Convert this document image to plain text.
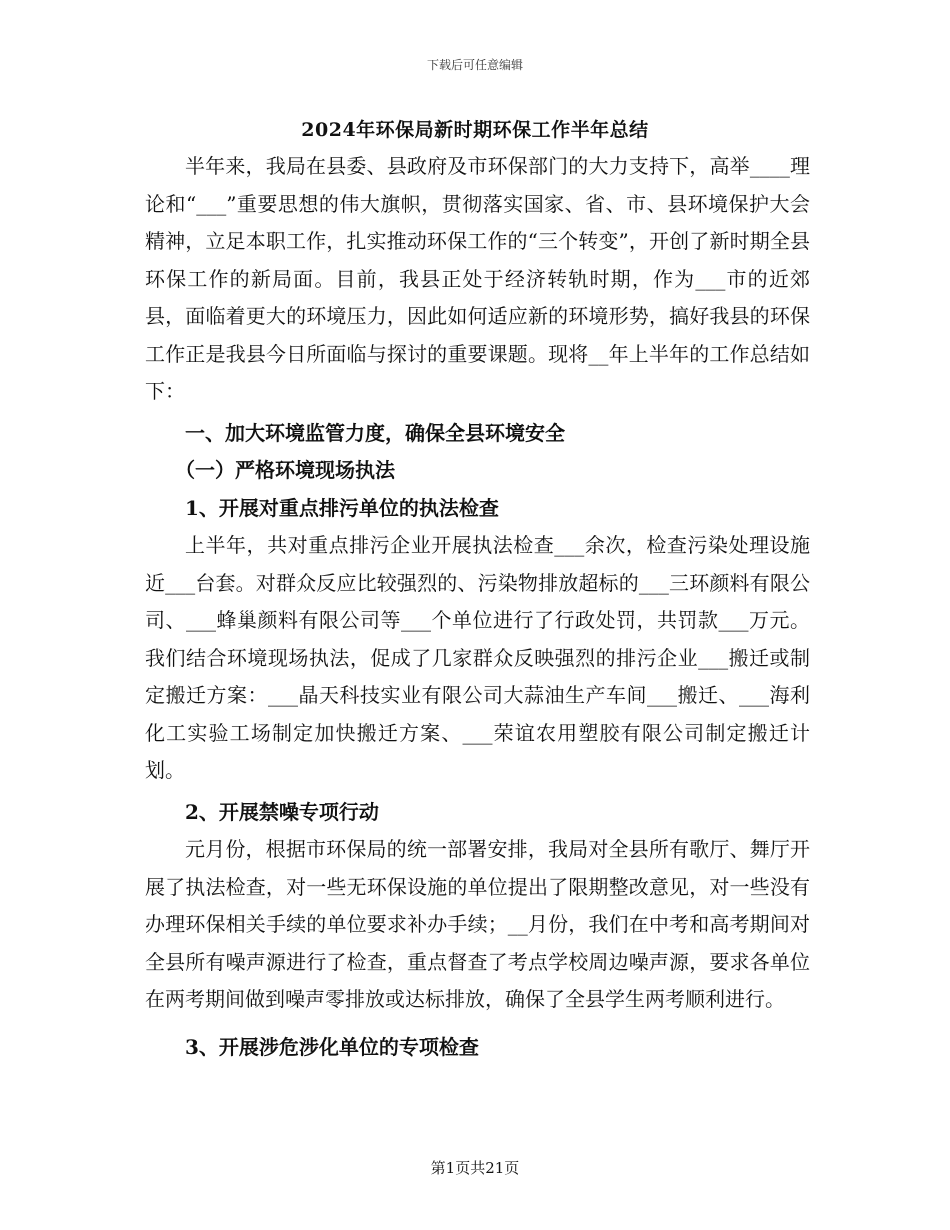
下载后可任意编辑
2024年环保局新时期环保工作半年总结

半年来，我局在县委、县政府及市环保部门的大力支持下，高举____理论和“___”重要思想的伟大旗帜，贯彻落实国家、省、市、县环境保护大会精神，立足本职工作，扎实推动环保工作的“三个转变”，开创了新时期全县环保工作的新局面。目前，我县正处于经济转轨时期，作为___市的近郊县，面临着更大的环境压力，因此如何适应新的环境形势，搞好我县的环保工作正是我县今日所面临与探讨的重要课题。现将__年上半年的工作总结如下：

一、加大环境监管力度，确保全县环境安全

（一）严格环境现场执法

1、开展对重点排污单位的执法检查

上半年，共对重点排污企业开展执法检查___余次，检查污染处理设施近___台套。对群众反应比较强烈的、污染物排放超标的___三环颜料有限公司、___蜂巢颜料有限公司等___个单位进行了行政处罚，共罚款___万元。我们结合环境现场执法，促成了几家群众反映强烈的排污企业___搬迁或制定搬迁方案：___晶天科技实业有限公司大蒜油生产车间___搬迁、___海利化工实验工场制定加快搬迁方案、___荣谊农用塑胶有限公司制定搬迁计划。

2、开展禁噪专项行动

元月份，根据市环保局的统一部署安排，我局对全县所有歌厅、舞厅开展了执法检查，对一些无环保设施的单位提出了限期整改意见，对一些没有办理环保相关手续的单位要求补办手续；__月份，我们在中考和高考期间对全县所有噪声源进行了检查，重点督查了考点学校周边噪声源，要求各单位在两考期间做到噪声零排放或达标排放，确保了全县学生两考顺利进行。

3、开展涉危涉化单位的专项检查

第1页共21页
